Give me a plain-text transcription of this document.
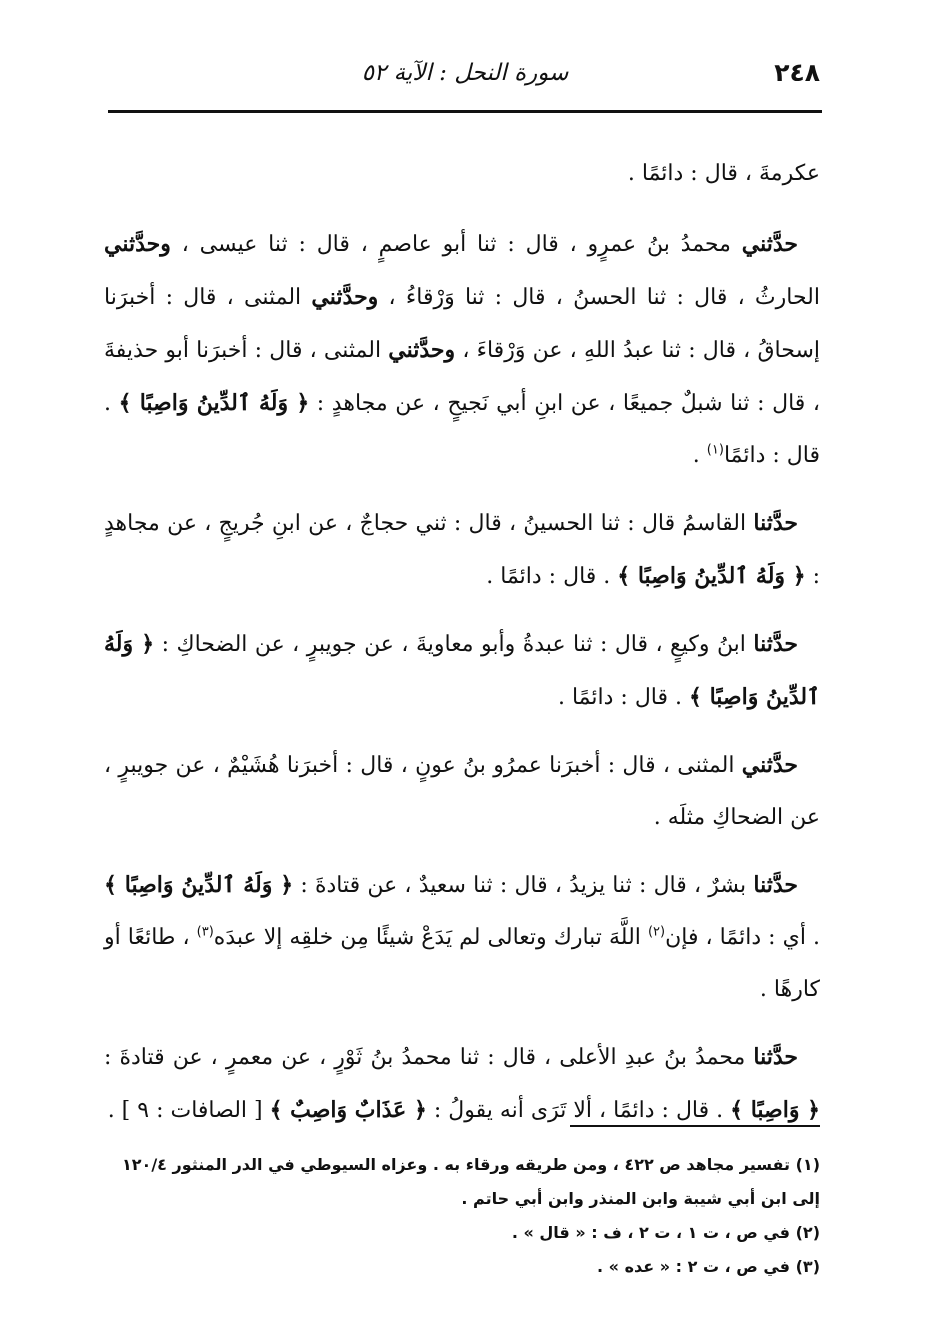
٢٤٨
سورة النحل : الآية ٥٢

عكرمةَ ، قال : دائمًا .

 حدَّثني محمدُ بنُ عمرٍو ، قال : ثنا أبو عاصمٍ ، قال : ثنا عيسى ، وحدَّثني الحارثُ ، قال : ثنا الحسنُ ، قال : ثنا وَرْقاءُ ، وحدَّثني المثنى ، قال : أخبرَنا إسحاقُ ، قال : ثنا عبدُ اللهِ ، عن وَرْقاءَ ، وحدَّثني المثنى ، قال : أخبرَنا أبو حذيفةَ ، قال : ثنا شبلٌ جميعًا ، عن ابنِ أبي نَجيحٍ ، عن مجاهدٍ : ﴿ وَلَهُ ٱلدِّينُ وَاصِبًا ﴾ . قال : دائمًا$^{(١)}$ .

 حدَّثنا القاسمُ قال : ثنا الحسينُ ، قال : ثني حجاجٌ ، عن ابنِ جُريجٍ ، عن مجاهدٍ : ﴿ وَلَهُ ٱلدِّينُ وَاصِبًا ﴾ . قال : دائمًا .

 حدَّثنا ابنُ وكيعٍ ، قال : ثنا عبدةُ وأبو معاويةَ ، عن جويبرٍ ، عن الضحاكِ : ﴿ وَلَهُ ٱلدِّينُ وَاصِبًا ﴾ . قال : دائمًا .

 حدَّثني المثنى ، قال : أخبرَنا عمرُو بنُ عونٍ ، قال : أخبرَنا هُشَيْمٌ ، عن جويبرٍ ، عن الضحاكِ مثلَه .

 حدَّثنا بشرٌ ، قال : ثنا يزيدُ ، قال : ثنا سعيدٌ ، عن قتادةَ : ﴿ وَلَهُ ٱلدِّينُ وَاصِبًا ﴾ . أي : دائمًا ، فإن$^{(٢)}$ اللَّهَ تبارك وتعالى لم يَدَعْ شيئًا مِن خلقِه إلا عبدَه$^{(٣)}$ ، طائعًا أو كارهًا .

 حدَّثنا محمدُ بنُ عبدِ الأعلى ، قال : ثنا محمدُ بنُ ثَوْرٍ ، عن معمرٍ ، عن قتادةَ : ﴿ وَاصِبًا ﴾ . قال : دائمًا ، ألا تَرَى أنه يقولُ : ﴿ عَذَابٌ وَاصِبٌ ﴾ [ الصافات : ٩ ] .

(١) تفسير مجاهد ص ٤٢٢ ، ومن طريقه ورقاء به . وعزاه السيوطي في الدر المنثور ١٢٠/٤ إلى ابن أبي شيبة وابن المنذر وابن أبي حاتم .

(٢) في ص ، ت ١ ، ت ٢ ، ف : « قال » .

(٣) في ص ، ت ٢ : « عده » .
